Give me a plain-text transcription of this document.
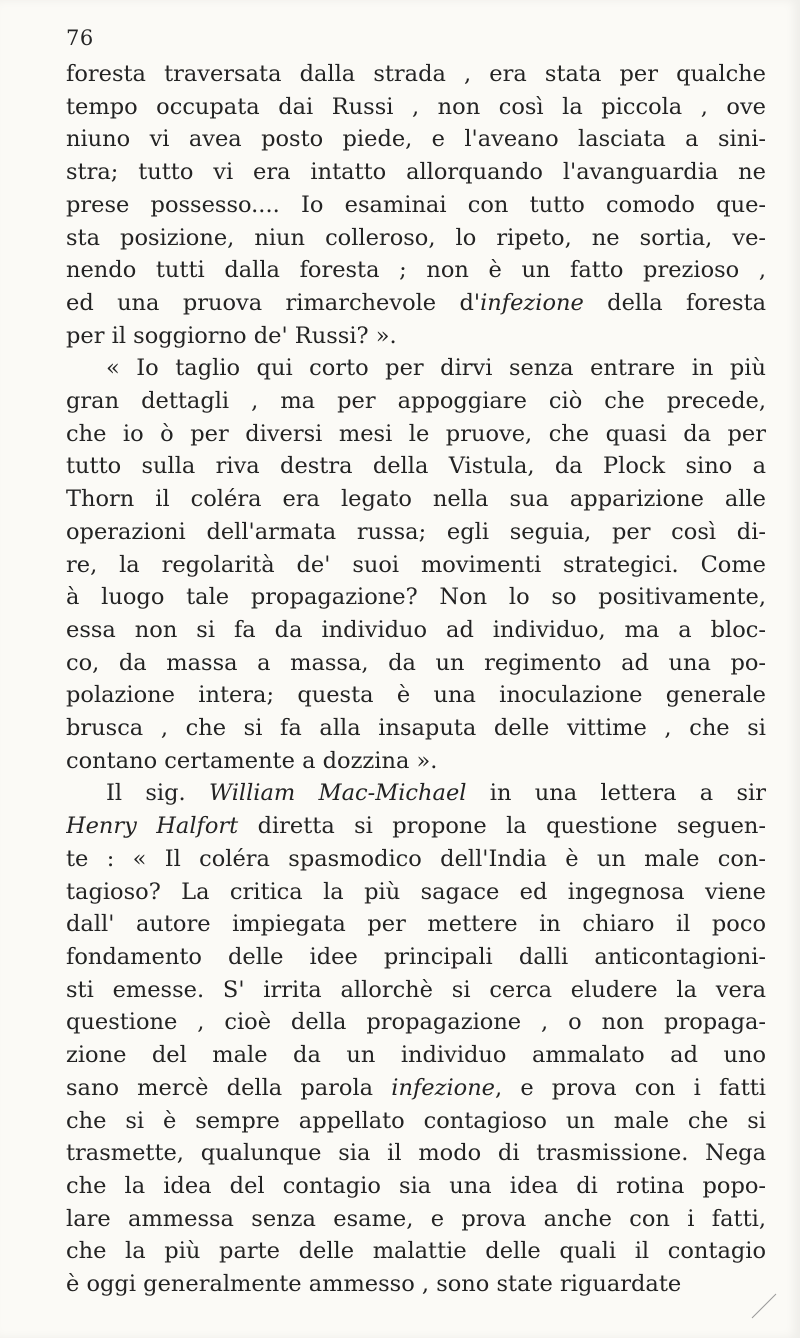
76
foresta traversata dalla strada , era stata per qualche
tempo occupata dai Russi , non così la piccola , ove
niuno vi avea posto piede, e l'aveano lasciata a sini-
stra; tutto vi era intatto allorquando l'avanguardia ne
prese possesso.... Io esaminai con tutto comodo que-
sta posizione, niun colleroso, lo ripeto, ne sortia, ve-
nendo tutti dalla foresta ; non è un fatto prezioso ,
ed una pruova rimarchevole d'infezione della foresta
per il soggiorno de' Russi? ».
« Io taglio qui corto per dirvi senza entrare in più
gran dettagli , ma per appoggiare ciò che precede,
che io ò per diversi mesi le pruove, che quasi da per
tutto sulla riva destra della Vistula, da Plock sino a
Thorn il coléra era legato nella sua apparizione alle
operazioni dell'armata russa; egli seguia, per così di-
re, la regolarità de' suoi movimenti strategici. Come
à luogo tale propagazione? Non lo so positivamente,
essa non si fa da individuo ad individuo, ma a bloc-
co, da massa a massa, da un regimento ad una po-
polazione intera; questa è una inoculazione generale
brusca , che si fa alla insaputa delle vittime , che si
contano certamente a dozzina ».
Il sig. William Mac-Michael in una lettera a sir
Henry Halfort diretta si propone la questione seguen-
te : « Il coléra spasmodico dell'India è un male con-
tagioso? La critica la più sagace ed ingegnosa viene
dall' autore impiegata per mettere in chiaro il poco
fondamento delle idee principali dalli anticontagioni-
sti emesse. S' irrita allorchè si cerca eludere la vera
questione , cioè della propagazione , o non propaga-
zione del male da un individuo ammalato ad uno
sano mercè della parola infezione, e prova con i fatti
che si è sempre appellato contagioso un male che si
trasmette, qualunque sia il modo di trasmissione. Nega
che la idea del contagio sia una idea di rotina popo-
lare ammessa senza esame, e prova anche con i fatti,
che la più parte delle malattie delle quali il contagio
è oggi generalmente ammesso , sono state riguardate
